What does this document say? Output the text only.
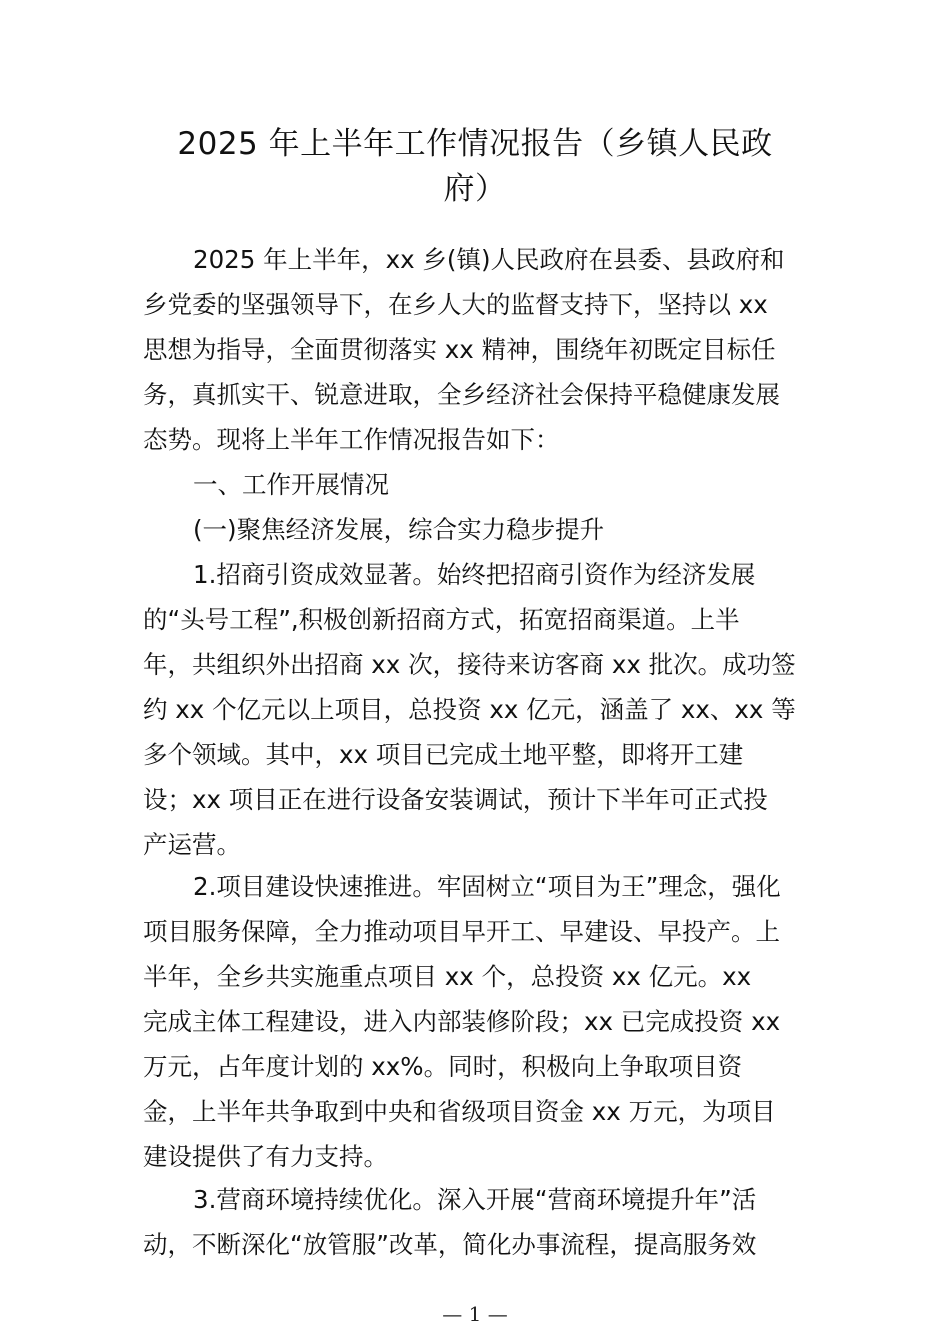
2025 年上半年工作情况报告（乡镇人民政
府）
2025 年上半年，xx 乡(镇)人民政府在县委、县政府和
乡党委的坚强领导下，在乡人大的监督支持下，坚持以 xx
思想为指导，全面贯彻落实 xx 精神，围绕年初既定目标任
务，真抓实干、锐意进取，全乡经济社会保持平稳健康发展
态势。现将上半年工作情况报告如下：
一、工作开展情况
(一)聚焦经济发展，综合实力稳步提升
1.招商引资成效显著。始终把招商引资作为经济发展
的“头号工程”,积极创新招商方式，拓宽招商渠道。上半
年，共组织外出招商 xx 次，接待来访客商 xx 批次。成功签
约 xx 个亿元以上项目，总投资 xx 亿元，涵盖了 xx、xx 等
多个领域。其中，xx 项目已完成土地平整，即将开工建
设；xx 项目正在进行设备安装调试，预计下半年可正式投
产运营。
2.项目建设快速推进。牢固树立“项目为王”理念，强化
项目服务保障，全力推动项目早开工、早建设、早投产。上
半年，全乡共实施重点项目 xx 个，总投资 xx 亿元。xx
完成主体工程建设，进入内部装修阶段；xx 已完成投资 xx
万元，占年度计划的 xx%。同时，积极向上争取项目资
金，上半年共争取到中央和省级项目资金 xx 万元，为项目
建设提供了有力支持。
3.营商环境持续优化。深入开展“营商环境提升年”活
动，不断深化“放管服”改革，简化办事流程，提高服务效
— 1 —
